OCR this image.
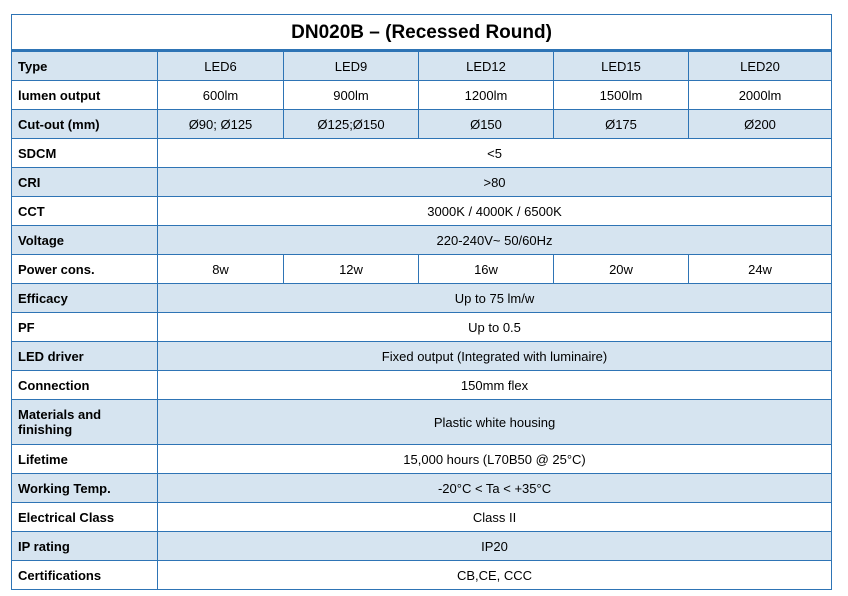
DN020B – (Recessed Round)					
Type	LED6	LED9	LED12	LED15	LED20
lumen output	600lm	900lm	1200lm	1500lm	2000lm
Cut-out (mm)	Ø90; Ø125	Ø125;Ø150	Ø150	Ø175	Ø200
SDCM	<5				
CRI	>80				
CCT	3000K / 4000K / 6500K				
Voltage	220-240V~ 50/60Hz				
Power cons.	8w	12w	16w	20w	24w
Efficacy	Up to 75 lm/w				
PF	Up to 0.5				
LED driver	Fixed output (Integrated with luminaire)				
Connection	150mm flex				
Materials and finishing	Plastic white housing				
Lifetime	15,000 hours (L70B50 @ 25°C)				
Working Temp.	-20°C < Ta < +35°C				
Electrical Class	Class II				
IP rating	IP20				
Certifications	CB,CE, CCC				
